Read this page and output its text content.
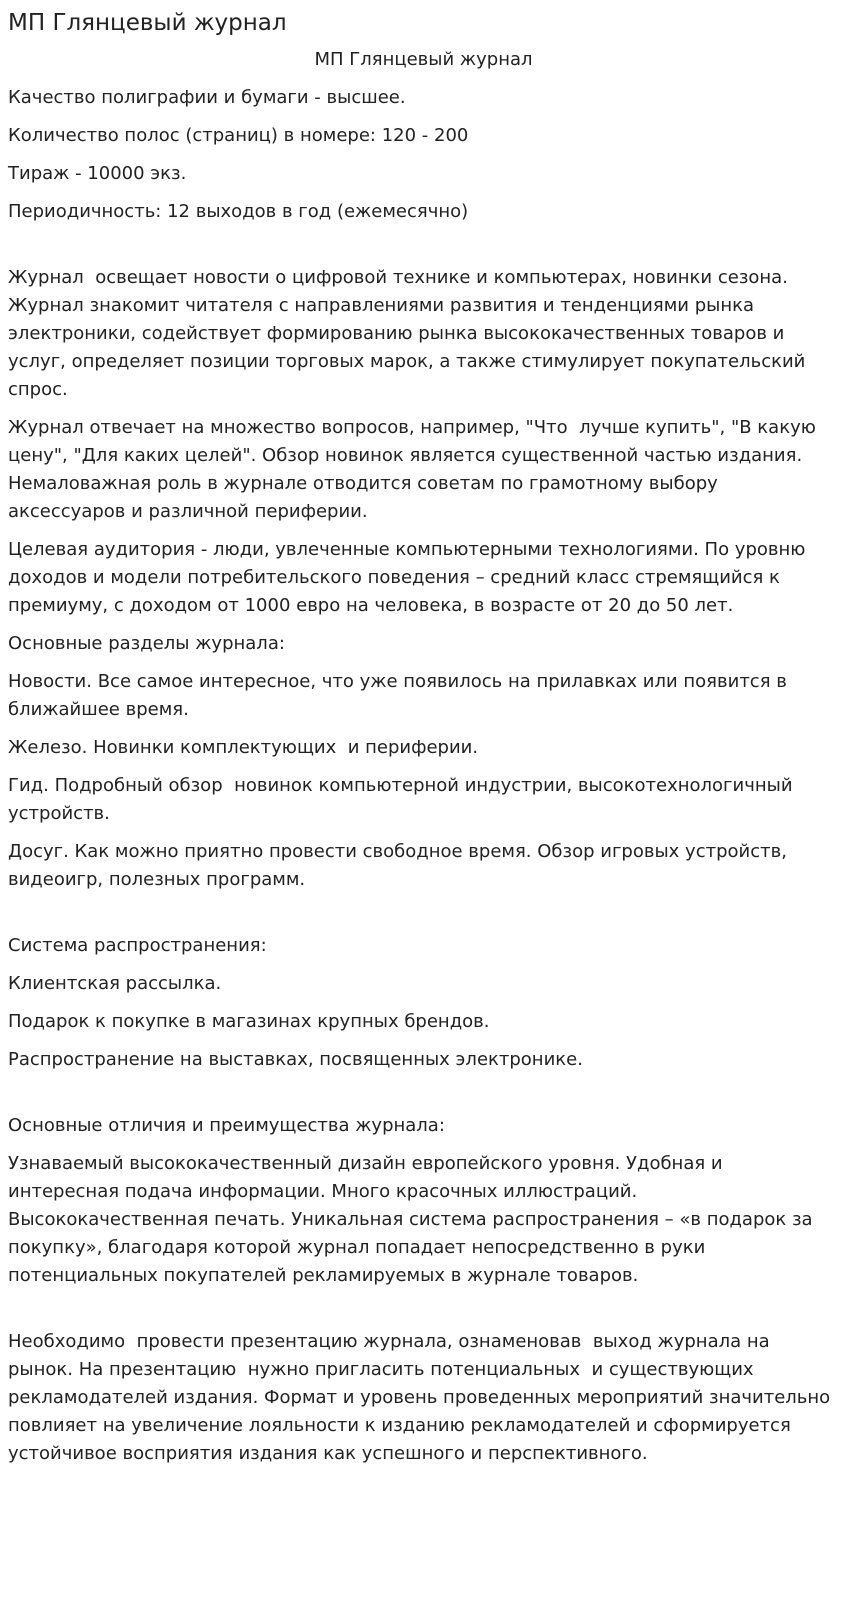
МП Глянцевый журнал
МП Глянцевый журнал

Качество полиграфии и бумаги - высшее.

Количество полос (страниц) в номере: 120 - 200

Тираж - 10000 экз.

Периодичность: 12 выходов в год (ежемесячно)

Журнал  освещает новости о цифровой технике и компьютерах, новинки сезона. Журнал знакомит читателя с направлениями развития и тенденциями рынка электроники, содействует формированию рынка высококачественных товаров и услуг, определяет позиции торговых марок, а также стимулирует покупательский спрос.

Журнал отвечает на множество вопросов, например, "Что  лучше купить", "В какую цену", "Для каких целей". Обзор новинок является существенной частью издания. Немаловажная роль в журнале отводится советам по грамотному выбору аксессуаров и различной периферии.

Целевая аудитория - люди, увлеченные компьютерными технологиями. По уровню доходов и модели потребительского поведения – средний класс стремящийся к премиуму, с доходом от 1000 евро на человека, в возрасте от 20 до 50 лет.

Основные разделы журнала:

Новости. Все самое интересное, что уже появилось на прилавках или появится в ближайшее время.

Железо. Новинки комплектующих  и периферии.

Гид. Подробный обзор  новинок компьютерной индустрии, высокотехнологичный  устройств.

Досуг. Как можно приятно провести свободное время. Обзор игровых устройств, видеоигр, полезных программ.

Система распространения:

Клиентская рассылка.

Подарок к покупке в магазинах крупных брендов.

Распространение на выставках, посвященных электронике.

Основные отличия и преимущества журнала:

Узнаваемый высококачественный дизайн европейского уровня. Удобная и интересная подача информации. Много красочных иллюстраций. Высококачественная печать. Уникальная система распространения – «в подарок за покупку», благодаря которой журнал попадает непосредственно в руки потенциальных покупателей рекламируемых в журнале товаров.

Необходимо  провести презентацию журнала, ознаменовав  выход журнала на рынок. На презентацию  нужно пригласить потенциальных  и существующих рекламодателей издания. Формат и уровень проведенных мероприятий значительно повлияет на увеличение лояльности к изданию рекламодателей и сформируется устойчивое восприятия издания как успешного и перспективного.
